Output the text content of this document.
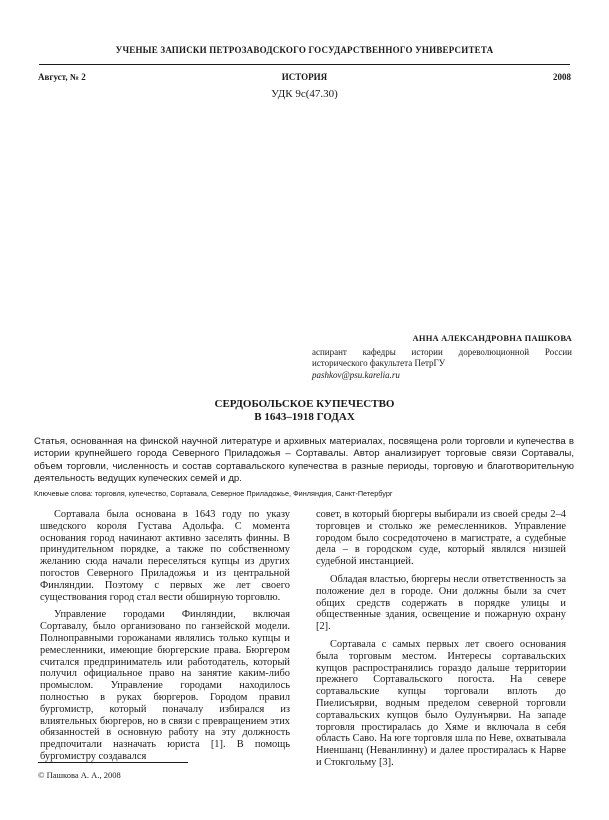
УЧЕНЫЕ ЗАПИСКИ ПЕТРОЗАВОДСКОГО ГОСУДАРСТВЕННОГО УНИВЕРСИТЕТА
Август, № 2	ИСТОРИЯ	2008
УДК 9с(47.30)
АННА АЛЕКСАНДРОВНА ПАШКОВА
аспирант кафедры истории дореволюционной России исторического факультета ПетрГУ
pashkov@psu.karelia.ru
СЕРДОБОЛЬСКОЕ КУПЕЧЕСТВО
В 1643–1918 ГОДАХ
Статья, основанная на финской научной литературе и архивных материалах, посвящена роли торговли и купечества в истории крупнейшего города Северного Приладожья – Сортавалы. Автор анализирует торговые связи Сортавалы, объем торговли, численность и состав сортавальского купечества в разные периоды, торговую и благотворительную деятельность ведущих купеческих семей и др.
Ключевые слова: торговля, купечество, Сортавала, Северное Приладожье, Финляндия, Санкт-Петербург

Сортавала была основана в 1643 году по указу шведского короля Густава Адольфа. С момента основания город начинают активно заселять финны. В принудительном порядке, а также по собственному желанию сюда начали переселяться купцы из других погостов Северного Приладожья и из центральной Финляндии. Поэтому с первых же лет своего существования город стал вести обширную торговлю.

Управление городами Финляндии, включая Сортавалу, было организовано по ганзейской модели. Полноправными горожанами являлись только купцы и ремесленники, имеющие бюргерские права. Бюргером считался предприниматель или работодатель, который получил официальное право на занятие каким-либо промыслом. Управление городами находилось полностью в руках бюргеров. Городом правил бургомистр, который поначалу избирался из влиятельных бюргеров, но в связи с превращением этих обязанностей в основную работу на эту должность предпочитали назначать юриста [1]. В помощь бургомистру создавался

совет, в который бюргеры выбирали из своей среды 2–4 торговцев и столько же ремесленников. Управление городом было сосредоточено в магистрате, а судебные дела – в городском суде, который являлся низшей судебной инстанцией.

Обладая властью, бюргеры несли ответственность за положение дел в городе. Они должны были за счет общих средств содержать в порядке улицы и общественные здания, освещение и пожарную охрану [2].

Сортавала с самых первых лет своего основания была торговым местом. Интересы сортавальских купцов распространялись гораздо дальше территории прежнего Сортавальского погоста. На севере сортавальские купцы торговали вплоть до Пиелисъярви, водным пределом северной торговли сортавальских купцов было Оулунъярви. На западе торговля простиралась до Хяме и включала в себя область Саво. На юге торговля шла по Неве, охватывала Ниеншанц (Неванлинну) и далее простиралась к Нарве и Стокгольму [3].

© Пашкова А. А., 2008
